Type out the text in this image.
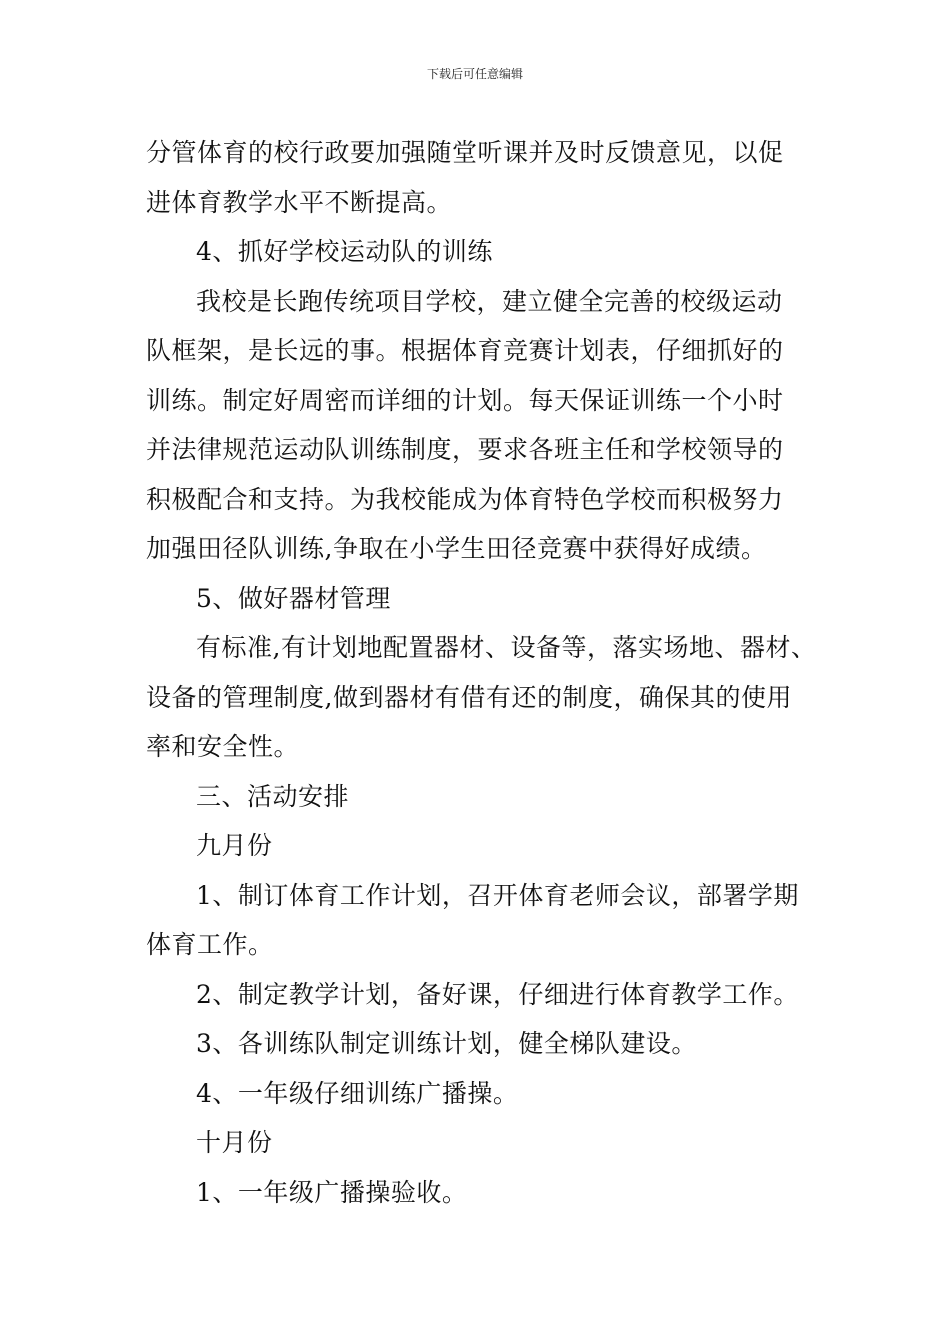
下载后可任意编辑

分管体育的校行政要加强随堂听课并及时反馈意见，以促

进体育教学水平不断提高。

4、抓好学校运动队的训练

我校是长跑传统项目学校，建立健全完善的校级运动

队框架，是长远的事。根据体育竞赛计划表，仔细抓好的

训练。制定好周密而详细的计划。每天保证训练一个小时

并法律规范运动队训练制度，要求各班主任和学校领导的

积极配合和支持。为我校能成为体育特色学校而积极努力

加强田径队训练,争取在小学生田径竞赛中获得好成绩。

5、做好器材管理

有标准,有计划地配置器材、设备等，落实场地、器材、

设备的管理制度,做到器材有借有还的制度，确保其的使用

率和安全性。

三、活动安排

九月份

1、制订体育工作计划，召开体育老师会议，部署学期

体育工作。

2、制定教学计划，备好课，仔细进行体育教学工作。

3、各训练队制定训练计划，健全梯队建设。

4、一年级仔细训练广播操。

十月份

1、一年级广播操验收。
